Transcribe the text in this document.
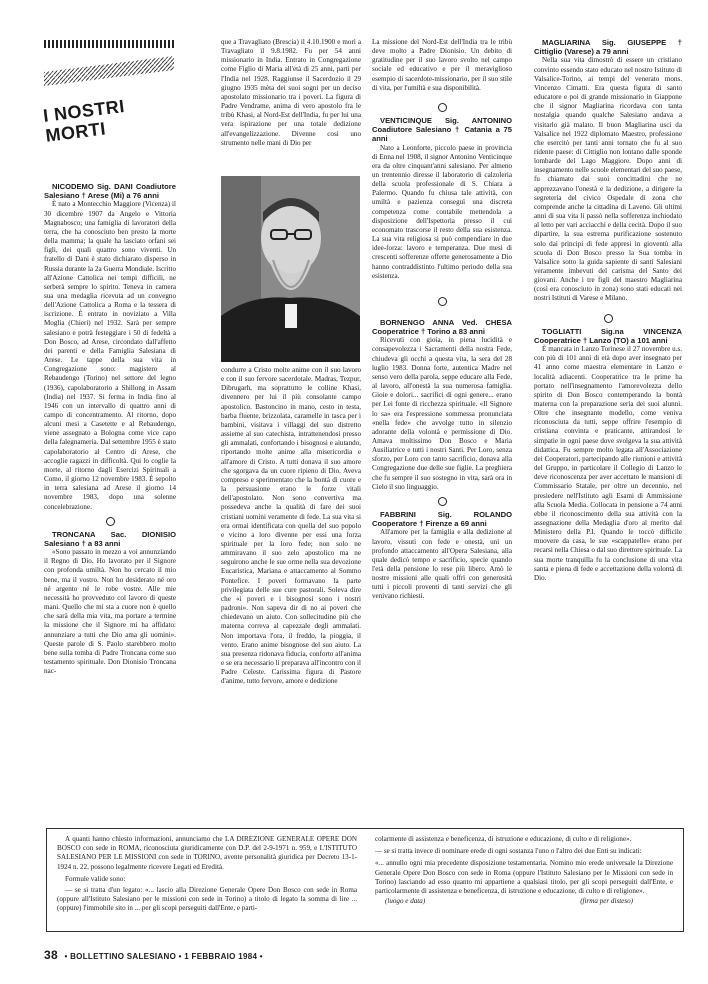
I NOSTRI MORTI

NICODEMO Sig. DANI Coadiutore Salesiano † Arese (Mi) a 76 anni

È nato a Montecchio Maggiore (Vicenza) il 30 dicembre 1907 da Angelo e Vittoria Magnabosco; una famiglia di lavoratori della terra, che ha conosciuto ben presto la morte della mamma; la quale ha lasciato orfani sei figli, dei quali quattro sono viventi. Un fratello di Dani è stato dichiarato disperso in Russia durante la 2a Guerra Mondiale. Iscritto all'Azione Cattolica nei tempi difficili, ne serberà sempre lo spirito. Teneva in camera sua una medaglia ricevuta ad un convegno dell'Azione Cattolica a Roma e la tessera di iscrizione. È entrato in noviziato a Villa Moglia (Chieri) nel 1932. Sarà per sempre salesiano e potrà festeggiare i 50 di fedeltà a Don Bosco, ad Arese, circondato dall'affetto dei parenti e della Famiglia Salesiana di Arese. Le tappe della sua vita in Congregazione sono: magistero al Rebaudengo (Torino) nel settore del legno (1936), capolaboratorio a Shillong in Assam (India) nel 1937. Si ferma in India fino al 1946 con un intervallo di quattro anni di campo di concentramento. Al ritorno, dopo alcuni mesi a Casetette e al Rebaudengo, viene assegnato a Bologna come vice capo della falegnameria. Dal settembre 1955 è stato capolaboratorio al Centro di Arese, che accoglie ragazzi in difficoltà. Qui lo coglie la morte, al ritorno dagli Esercizi Spirituali a Como, il giorno 12 novembre 1983. È sepolto in terra salesiana ad Arese il giorno 14 novembre 1983, dopo una solenne concelebrazione.

TRONCANA Sac. DIONISIO Salesiano † a 83 anni

«Sono passato in mezzo a voi annunziando il Regno di Dio. Ho lavorato per il Signore con profonda umiltà. Non ho cercato il mio bene, ma il vostro. Non ho desiderato né oro né argento né le robe vostre. Alle mie necessità ho provveduto col lavoro di queste mani. Quello che mi sta a cuore non è quello che sarà della mia vita, ma portare a termine la missione che il Signore mi ha affidato: annunziare a tutti che Dio ama gli uomini». Queste parole di S. Paolo starebbero molto bene sulla tomba di Padre Troncana come suo testamento spirituale. Don Dionisio Troncana nac-

que a Travagliato (Brescia) il 4.10.1900 e morì a Travagliato il 9.8.1982. Fu per 54 anni missionario in India. Entrato in Congregazione come Figlio di Maria all'età di 25 anni, partì per l'India nel 1928. Raggiunse il Sacerdozio il 29 giugno 1935 mèta dei suoi sogni per un deciso apostolato missionario tra i poveri. La figura di Padre Vendrame, anima di vero apostolo fra le tribù Khasi, al Nord-Est dell'India, fu per lui una vera ispirazione per una totale dedizione all'evangelizzazione. Divenne così uno strumento nelle mani di Dio per

condurre a Cristo molte anime con il suo lavoro e con il suo fervore sacerdotale. Madras, Tezpur, Dibrugarh, ma soprattutto le colline Khasi, divennero per lui il più consolante campo apostolico. Bastoncino in mano, cesto in testa, barba fluente, brizzolata, caramelle in tasca per i bambini, visitava i villaggi del suo distretto assieme al suo catechista, intrattenendosi presso gli ammalati, confortando i bisognosi e aiutando, riportando molte anime alla misericordia e all'amore di Cristo. A tutti donava il suo amore che sgorgava da un cuore ripieno di Dio. Aveva compreso e sperimentato che la bontà di cuore e la persuasione erano le forze vitali dell'apostolato. Non sono convertiva ma possedeva anche la qualità di fare dei suoi cristiani uomini veramente di fede. La sua vita si era ormai identificata con quella del suo popolo e vicino a loro divenne per essi una forza spirituale per la loro fede; non solo ne ammiravano il suo zelo apostolico ma ne seguirono anche le sue orme nella sua devozione Eucaristica, Mariana e attaccamento al Sommo Pontefice. I poveri formavano la parte privilegiata delle sue cure pastorali. Soleva dire che «i poveri e i bisognosi sono i nostri padroni». Non sapeva dir di no ai poveri che chiedevano un aiuto. Con sollecitudine più che materna correva al capezzale degli ammalati. Non importava l'ora, il freddo, la pioggia, il vento. Erano anime bisognose del suo aiuto. La sua presenza ridonava fiducia, conforto all'anima e se era necessario li preparava all'incontro con il Padre Celeste. Carissima figura di Pastore d'anime, tutto fervore, amore e dedizione

La missione del Nord-Est dell'India tra le tribù deve molto a Padre Dionisio. Un debito di gratitudine per il suo lavoro svolto nel campo sociale ed educativo e per il meraviglioso esempio di sacerdote-missionario, per il suo stile di vita, per l'umiltà e sua disponibilità.

VENTICINQUE Sig. ANTONINO Coadiutore Salesiano † Catania a 75 anni

Nato a Leonforte, piccolo paese in provincia di Enna nel 1908, il signor Antonino Venticinque era da oltre cinquant'anni salesiano. Per almeno un trentennio diresse il laboratorio di calzoleria della scuola professionale di S. Chiara a Palermo. Quando fu chiusa tale attività, con umiltà e pazienza conseguì una discreta competenza come contabile mettendola a disposizione dell'Ispettoria presso il cui economato trascorse il resto della sua esistenza. La sua vita religiosa si può compendiare in due idee-forza: lavoro e temperanza. Due mesi di crescenti sofferenze offerte generosamente a Dio hanno contraddistinto l'ultimo periodo della sua esistenza.

BORNENGO ANNA Ved. CHESA Cooperatrice † Torino a 83 anni

Ricevuti con gioia, in piena lucidità e consapevolezza i Sacramenti della nostra Fede, chiudeva gli occhi a questa vita, la sera del 28 luglio 1983. Donna forte, autentica Madre nel senso vero della parola, seppe educare alla Fede, al lavoro, all'onestà la sua numerosa famiglia. Gioie e dolori... sacrifici di ogni genere... erano per Lei fonte di ricchezza spirituale. «Il Signore lo sa» era l'espressione sommessa pronunciata «nella fede» che avvolge tutto in silenzio adorante della volontà e permissione di Dio. Amava moltissimo Don Bosco e Maria Ausiliatrice e tutti i nostri Santi. Per Loro, senza sforzo, per Loro con tanto sacrificio, donava alla Congregazione due delle sue figlie. La preghiera che fu sempre il suo sostegno in vita, sarà ora in Cielo il suo linguaggio.

FABBRINI Sig. ROLANDO Cooperatore † Firenze a 69 anni

All'amore per la famiglia e alla dedizione al lavoro, vissuti con fede e onestà, unì un profondo attaccamento all'Opera Salesiana, alla quale dedicò tempo e sacrificio, specie quando l'età della pensione lo rese più libero. Amò le nostre missioni alle quali offrì con generosità tutti i piccoli proventi di tanti servizi che gli venivano richiesti.

MAGLIARINA Sig. GIUSEPPE † Cittiglio (Varese) a 79 anni

Nella sua vita dimostrò di essere un cristiano convinto essendo stato educato nel nostro Istituto di Valsalice-Torino, ai tempi del venerato mons. Vincenzo Cimatti. Era questa figura di santo educatore e poi di grande missionario in Giappone che il signor Magliarina ricordava con tanta nostalgia quando qualche Salesiano andava a visitarlo già malato. Il buon Magliarina uscì da Valsalice nel 1922 diplomato Maestro, professione che esercitò per tanti anni tornato che fu al suo ridente paese: di Cittiglio non lontano dalle sponde lombarde del Lago Maggiore. Dopo anni di insegnamento nelle scuole elementari del suo paese, fu chiamato dai suoi concittadini che ne apprezzavano l'onestà e la dedizione, a dirigere la segreteria del civico Ospedale di zona che comprende anche la cittadina di Laveno. Gli ultimi anni di sua vita li passò nella sofferenza inchiodato al letto per vari acciacchi e della cecità. Dopo il suo dipartire, la sua estrema purificazione sostenuto solo dai principi di fede appresi in gioventù alla scuola di Don Bosco presso la Sua tomba in Valsalice sotto la guida sapiente di santi Salesiani veramente imbevuti del carisma del Santo dei giovani. Anche i tre figli del maestro Magliarina (così era conosciuto in zona) sono stati educati nei nostri Istituti di Varese e Milano.

TOGLIATTI Sig.na VINCENZA Cooperatrice † Lanzo (TO) a 101 anni

È mancata in Lanzo Torinese il 27 novembre u.s. con più di 101 anni di età dopo aver insegnato per 41 anno come maestra elementare in Lanzo e località adiacenti. Cooperatrice tra le prime ha portato nell'insegnamento l'amorevolezza dello spirito di Don Bosco contemperando la bontà materna con la preparazione seria dei suoi alunni. Oltre che insegnante modello, come veniva riconosciuta da tutti, seppe offrire l'esempio di cristiana convinta e praticante, attirandosi le simpatie in ogni paese dove svolgeva la sua attività didattica. Fu sempre molto legata all'Associazione dei Cooperatori, partecipando alle riunioni e attività del Gruppo, in particolare il Collegio di Lanzo le deve riconoscenza per aver accettato le mansioni di Commissario Statale, per oltre un decennio, nel presiedere nell'Istituto agli Esami di Ammissione alla Scuola Media. Collocata in pensione a 74 anni ebbe il riconoscimento della sua attività con la assegnazione della Medaglia d'oro al merito dal Ministero della P.I. Quando le toccò difficile muovere da casa, le sue «scappatelle» erano per recarsi nella Chiesa o dal suo direttore spirituale. La sua morte tranquilla fu la conclusione di una vita santa e piena di fede e accettazione della volontà di Dio.

A quanti hanno chiesto informazioni, annunciamo che LA DIREZIONE GENERALE OPERE DON BOSCO con sede in ROMA, riconosciuta giuridicamente con D.P. del 2-9-1971 n. 959, e L'ISTITUTO SALESIANO PER LE MISSIONI con sede in TORINO, avente personalità giuridica per Decreto 13-1-1924 n. 22, possono legalmente ricevere Legati ed Eredità.
Formule valide sono:
— se si tratta d'un legato: «... lascio alla Direzione Generale Opere Don Bosco con sede in Roma (oppure all'Istituto Salesiano per le missioni con sede in Torino) a titolo di legato la somma di lire ... (oppure) l'immobile sito in ... per gli scopi perseguiti dall'Ente, e parti-
colarmente di assistenza e beneficenza, di istruzione e educazione, di culto e di religione».
— se si tratta invece di nominare erede di ogni sostanza l'uno o l'altro dei due Enti su indicati:
«... annullo ogni mia precedente disposizione testamentaria. Nomino mio erede universale la Direzione Generale Opere Don Bosco con sede in Roma (oppure l'Istituto Salesiano per le Missioni con sede in Torino) lasciando ad esso quanto mi appartiene a qualsiasi titolo, per gli scopi perseguiti dall'Ente, e particolarmente di assistenza e beneficenza, di istruzione e educazione, di culto e di religione».
(luogo e data)	(firma per disteso)
38 • BOLLETTINO SALESIANO • 1 FEBBRAIO 1984 •
